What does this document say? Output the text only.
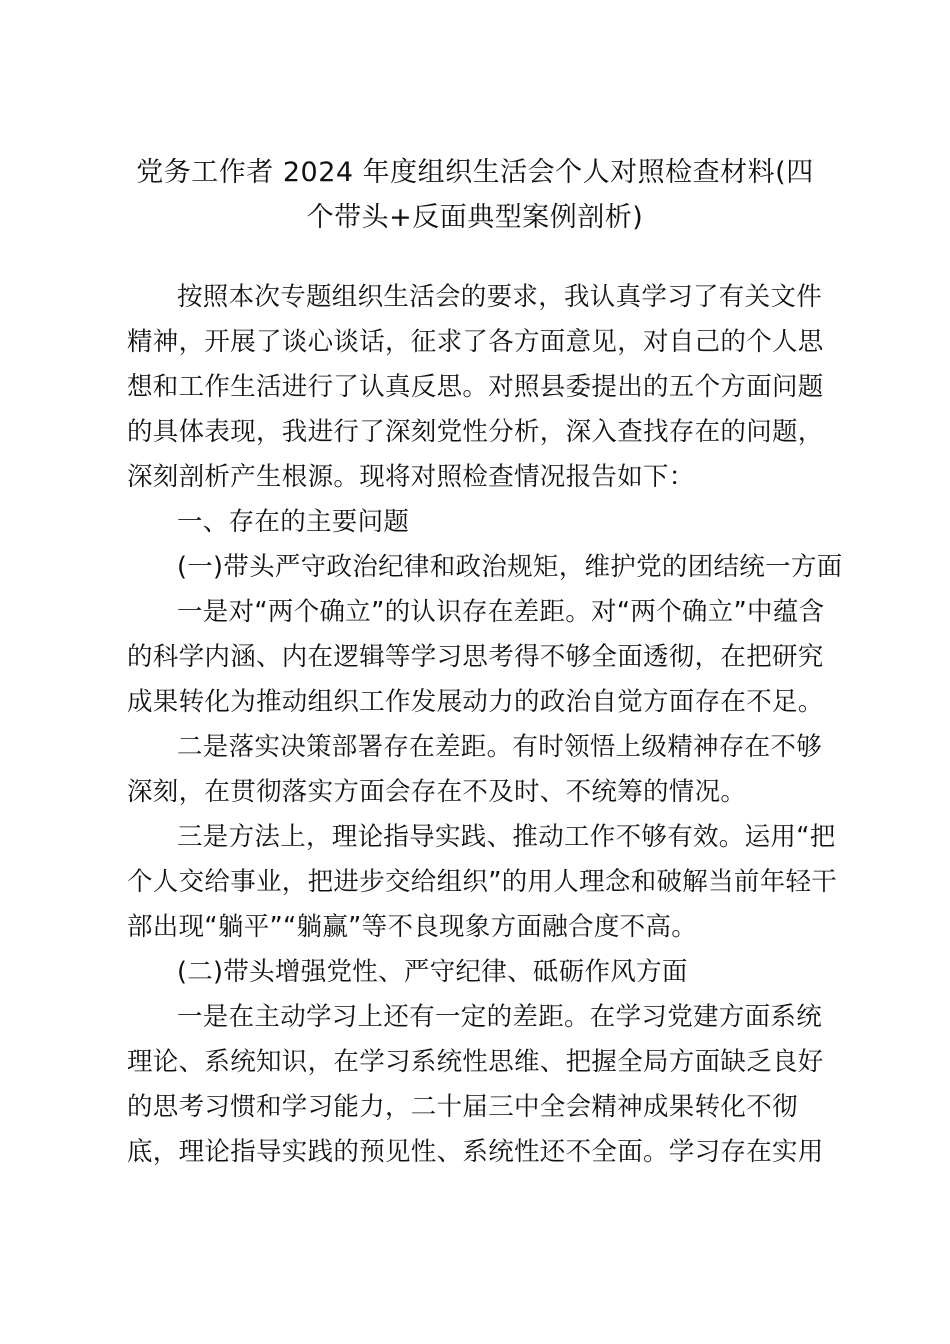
党务工作者 2024 年度组织生活会个人对照检查材料(四
个带头+反面典型案例剖析)
按照本次专题组织生活会的要求，我认真学习了有关文件
精神，开展了谈心谈话，征求了各方面意见，对自己的个人思
想和工作生活进行了认真反思。对照县委提出的五个方面问题
的具体表现，我进行了深刻党性分析，深入查找存在的问题，
深刻剖析产生根源。现将对照检查情况报告如下：
一、存在的主要问题
(一)带头严守政治纪律和政治规矩，维护党的团结统一方面
一是对“两个确立”的认识存在差距。对“两个确立”中蕴含
的科学内涵、内在逻辑等学习思考得不够全面透彻，在把研究
成果转化为推动组织工作发展动力的政治自觉方面存在不足。
二是落实决策部署存在差距。有时领悟上级精神存在不够
深刻，在贯彻落实方面会存在不及时、不统筹的情况。
三是方法上，理论指导实践、推动工作不够有效。运用“把
个人交给事业，把进步交给组织”的用人理念和破解当前年轻干
部出现“躺平”“躺赢”等不良现象方面融合度不高。
(二)带头增强党性、严守纪律、砥砺作风方面
一是在主动学习上还有一定的差距。在学习党建方面系统
理论、系统知识，在学习系统性思维、把握全局方面缺乏良好
的思考习惯和学习能力，二十届三中全会精神成果转化不彻
底，理论指导实践的预见性、系统性还不全面。学习存在实用
